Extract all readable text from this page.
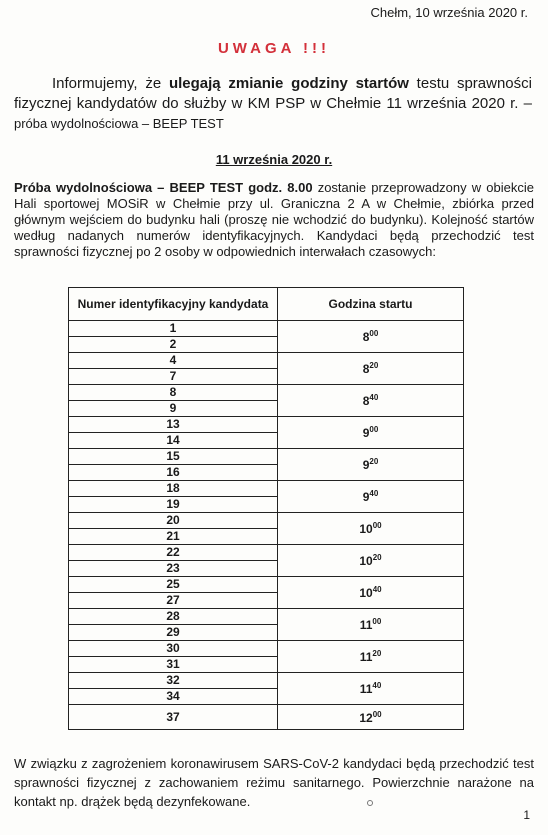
Chełm, 10 września 2020 r.
UWAGA !!!
Informujemy, że ulegają zmianie godziny startów testu sprawności fizycznej kandydatów do służby w KM PSP w Chełmie 11 września 2020 r. – próba wydolnościowa – BEEP TEST
11 września 2020 r.
Próba wydolnościowa – BEEP TEST godz. 8.00 zostanie przeprowadzony w obiekcie Hali sportowej MOSiR w Chełmie przy ul. Graniczna 2 A w Chełmie, zbiórka przed głównym wejściem do budynku hali (proszę nie wchodzić do budynku). Kolejność startów według nadanych numerów identyfikacyjnych. Kandydaci będą przechodzić test sprawności fizycznej po 2 osoby w odpowiednich interwałach czasowych:
Numer identyfikacyjny kandydata	Godzina startu
1	$8^{00}$
2	
4	$8^{20}$
7	
8	$8^{40}$
9	
13	$9^{00}$
14	
15	$9^{20}$
16	
18	$9^{40}$
19	
20	$10^{00}$
21	
22	$10^{20}$
23	
25	$10^{40}$
27	
28	$11^{00}$
29	
30	$11^{20}$
31	
32	$11^{40}$
34	
37	$12^{00}$
W związku z zagrożeniem koronawirusem SARS-CoV-2 kandydaci będą przechodzić test sprawności fizycznej z zachowaniem reżimu sanitarnego. Powierzchnie narażone na kontakt np. drążek będą dezynfekowane.
1
